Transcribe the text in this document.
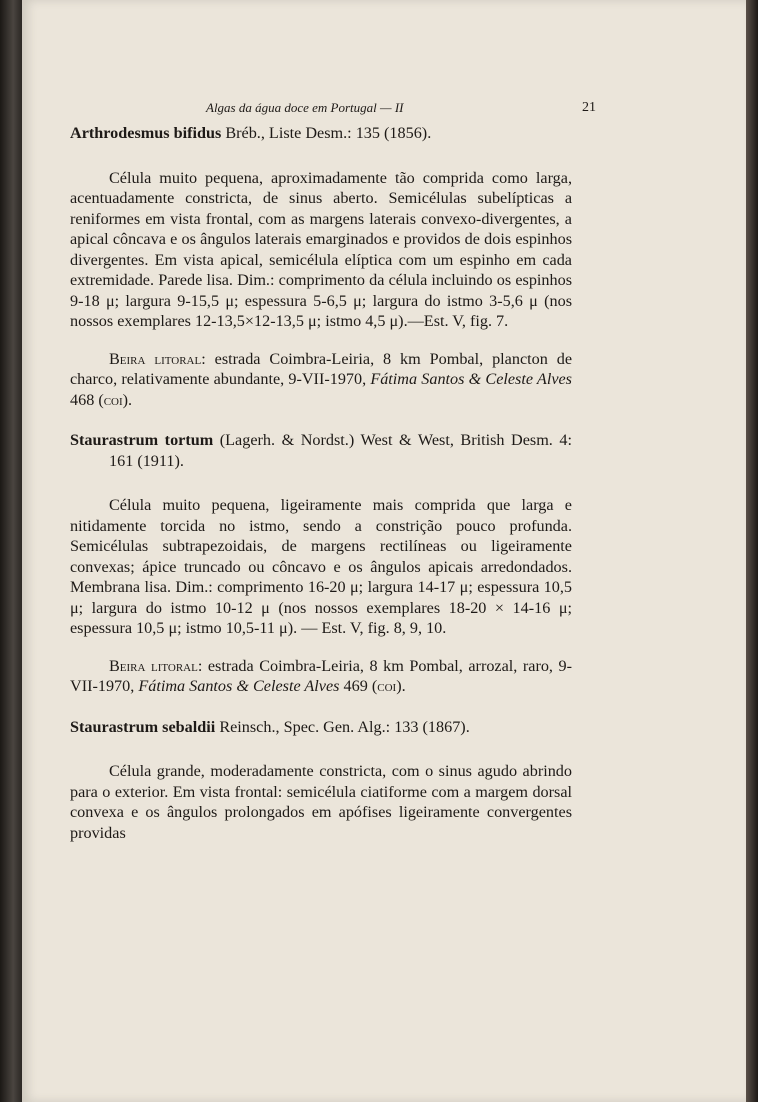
Algas da água doce em Portugal — II	21

Arthrodesmus bifidus Bréb., Liste Desm.: 135 (1856).

Célula muito pequena, aproximadamente tão comprida como larga, acentuadamente constricta, de sinus aberto. Semicélulas subelípticas a reniformes em vista frontal, com as margens laterais convexo-divergentes, a apical côncava e os ângulos laterais emarginados e providos de dois espinhos divergentes. Em vista apical, semicélula elíptica com um espinho em cada extremidade. Parede lisa. Dim.: comprimento da célula incluindo os espinhos 9-18 μ; largura 9-15,5 μ; espessura 5-6,5 μ; largura do istmo 3-5,6 μ (nos nossos exemplares 12-13,5×12-13,5 μ; istmo 4,5 μ).—Est. V, fig. 7.

Beira litoral: estrada Coimbra-Leiria, 8 km Pombal, plancton de charco, relativamente abundante, 9-VII-1970, Fátima Santos & Celeste Alves 468 (coi).

Staurastrum tortum (Lagerh. & Nordst.) West & West, British Desm. 4: 161 (1911).

Célula muito pequena, ligeiramente mais comprida que larga e nitidamente torcida no istmo, sendo a constrição pouco profunda. Semicélulas subtrapezoidais, de margens rectilíneas ou ligeiramente convexas; ápice truncado ou côncavo e os ângulos apicais arredondados. Membrana lisa. Dim.: comprimento 16-20 μ; largura 14-17 μ; espessura 10,5 μ; largura do istmo 10-12 μ (nos nossos exemplares 18-20 × 14-16 μ; espessura 10,5 μ; istmo 10,5-11 μ). — Est. V, fig. 8, 9, 10.

Beira litoral: estrada Coimbra-Leiria, 8 km Pombal, arrozal, raro, 9-VII-1970, Fátima Santos & Celeste Alves 469 (coi).

Staurastrum sebaldii Reinsch., Spec. Gen. Alg.: 133 (1867).

Célula grande, moderadamente constricta, com o sinus agudo abrindo para o exterior. Em vista frontal: semicélula ciatiforme com a margem dorsal convexa e os ângulos prolongados em apófises ligeiramente convergentes providas
